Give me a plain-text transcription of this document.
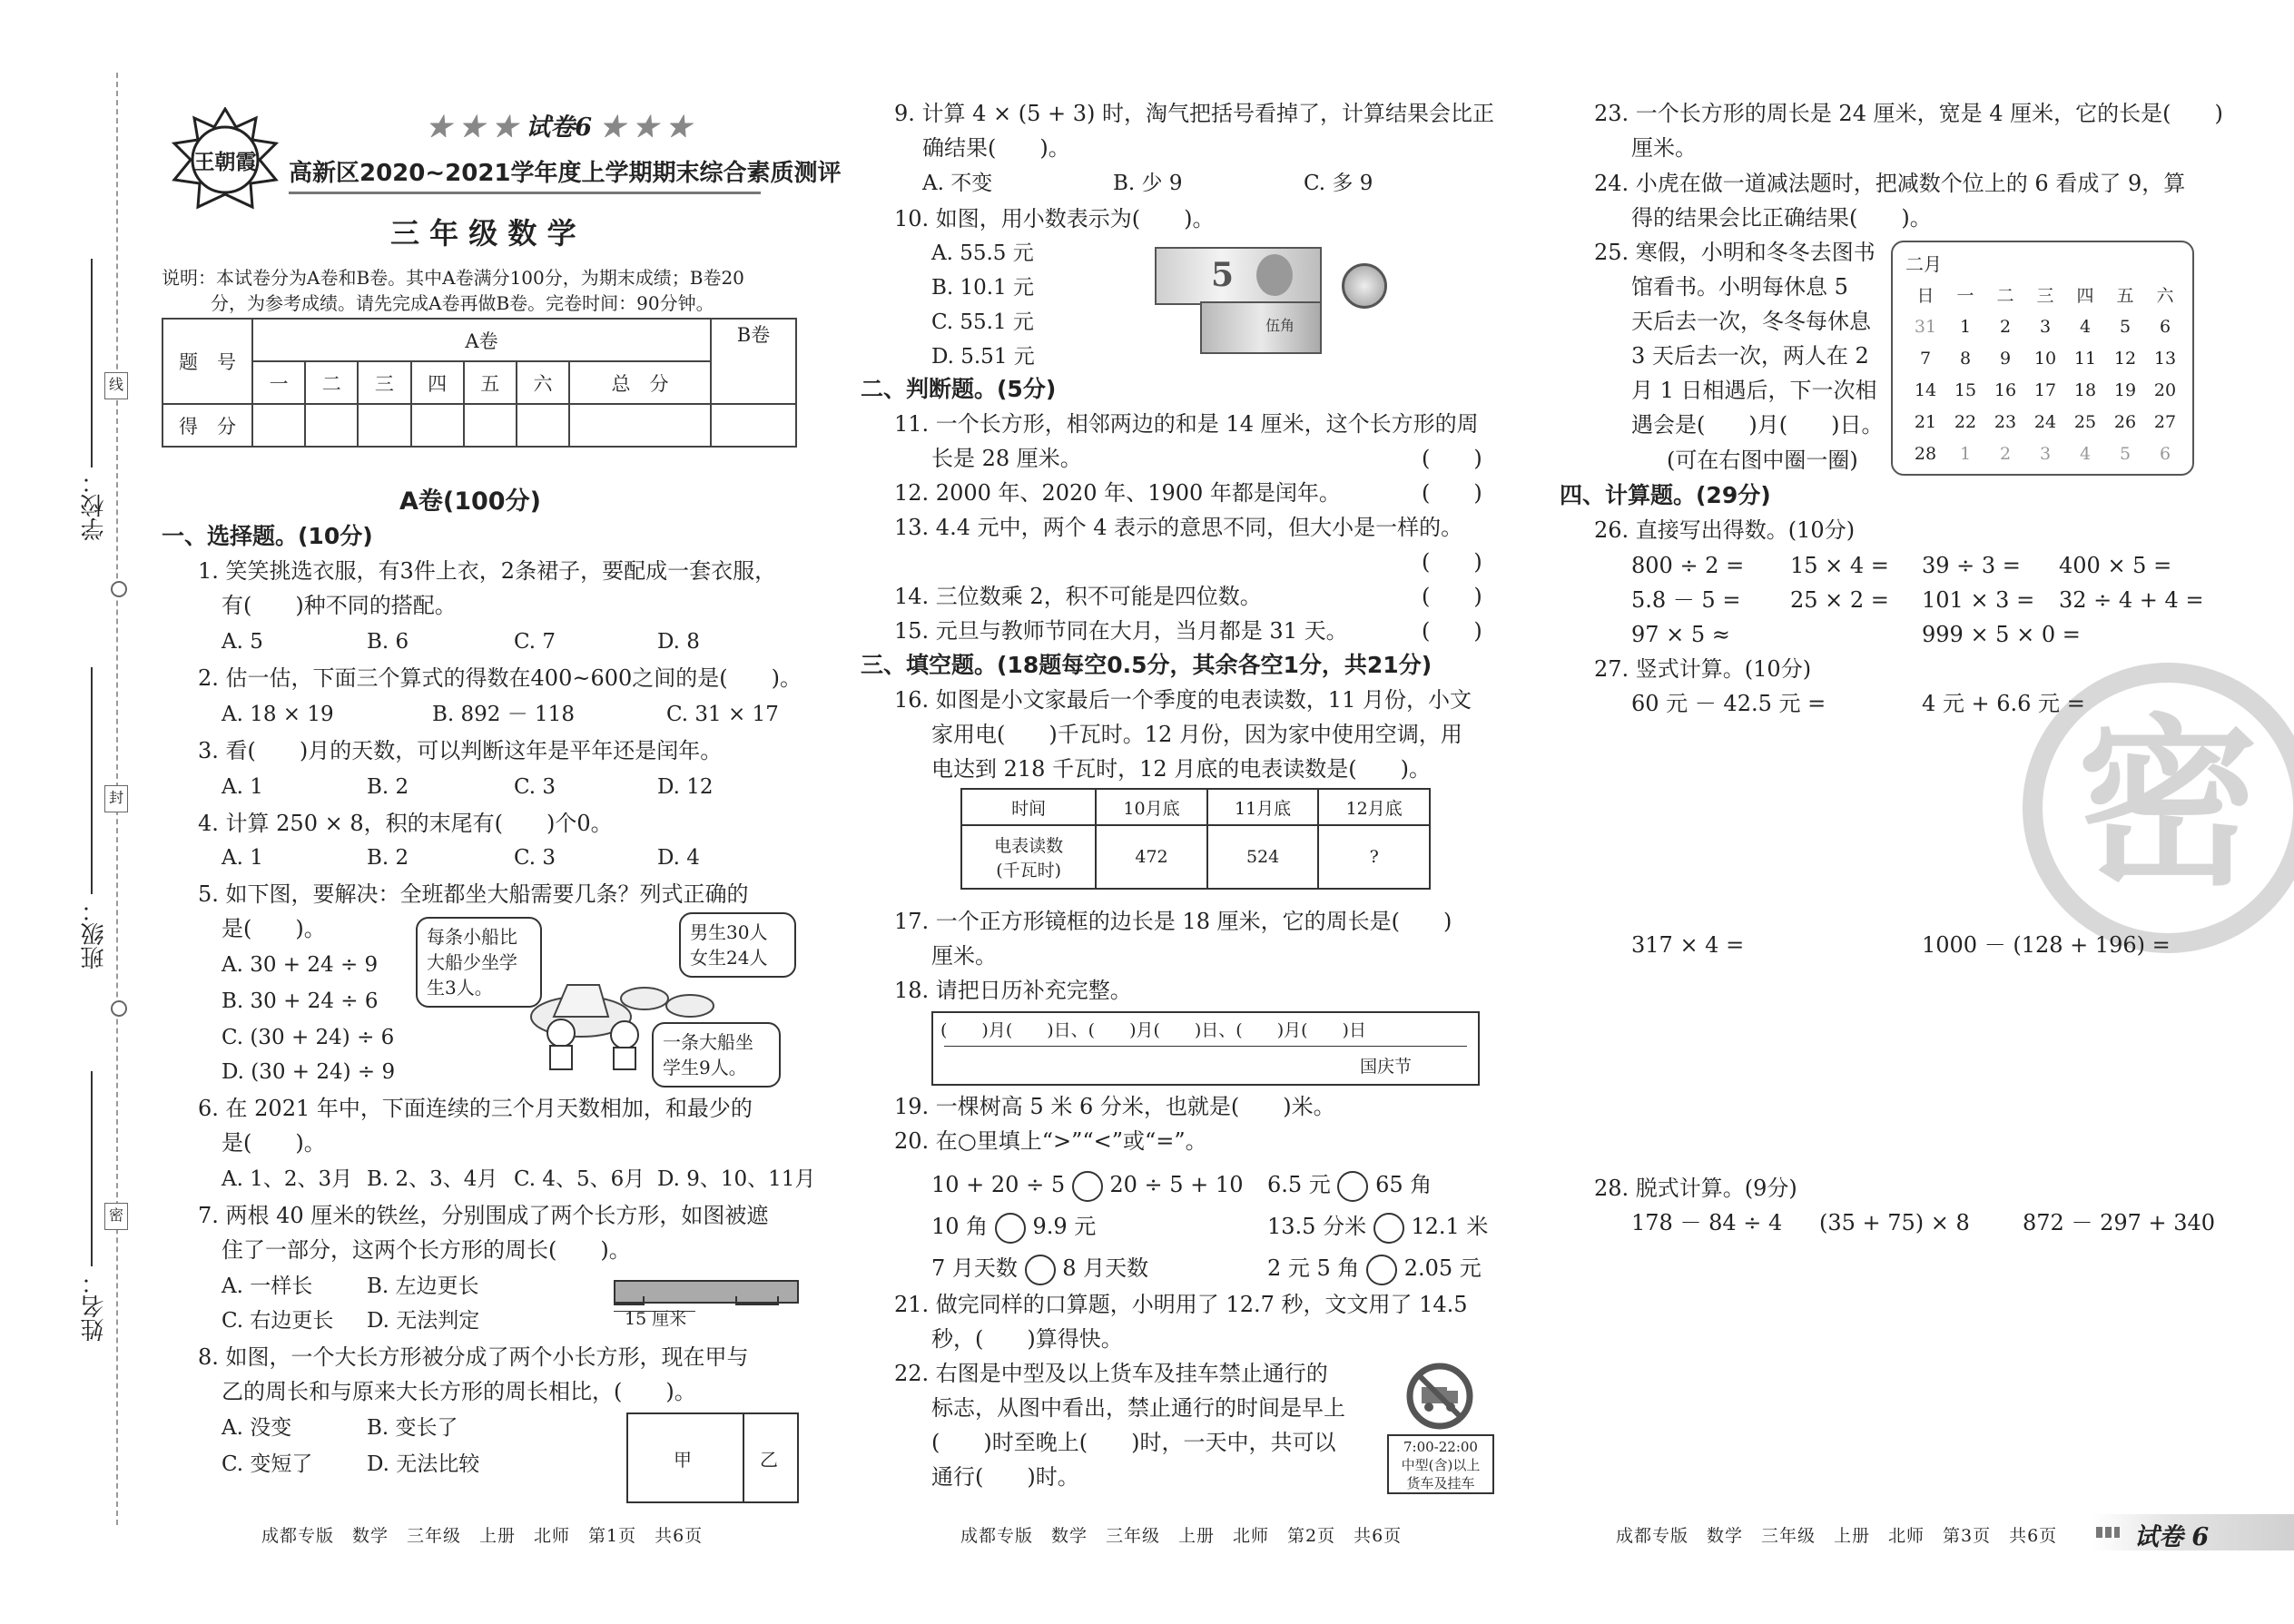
学校：
班级：
姓名：
线
封
密
密
王朝霞
★ ★ ★ 试卷6 ★ ★ ★
高新区2020~2021学年度上学期期末综合素质测评
三 年 级 数 学
说明：本试卷分为A卷和B卷。其中A卷满分100分，为期末成绩；B卷20
分，为参考成绩。请先完成A卷再做B卷。完卷时间：90分钟。
题　号	A卷							B卷
	一	二	三	四	五	六	总　分	
得　分								
A卷(100分)
一、选择题。(10分)
1. 笑笑挑选衣服，有3件上衣，2条裙子，要配成一套衣服，
有(　　)种不同的搭配。
A. 5	B. 6	C. 7	D. 8
2. 估一估，下面三个算式的得数在400~600之间的是(　　)。
A. 18 × 19	B. 892 － 118	C. 31 × 17
3. 看(　　)月的天数，可以判断这年是平年还是闰年。
A. 1	B. 2	C. 3	D. 12
4. 计算 250 × 8，积的末尾有(　　)个0。
A. 1	B. 2	C. 3	D. 4
5. 如下图，要解决：全班都坐大船需要几条？列式正确的
是(　　)。
A. 30 + 24 ÷ 9
B. 30 + 24 ÷ 6
C. (30 + 24) ÷ 6
D. (30 + 24) ÷ 9
每条小船比
大船少坐学
生3人。
男生30人
女生24人
一条大船坐
学生9人。
6. 在 2021 年中，下面连续的三个月天数相加，和最少的
是(　　)。
A. 1、2、3月 B. 2、3、4月 C. 4、5、6月 D. 9、10、11月
7. 两根 40 厘米的铁丝，分别围成了两个长方形，如图被遮
住了一部分，这两个长方形的周长(　　)。
A. 一样长	B. 左边更长
C. 右边更长 D. 无法判定	15 厘米
8. 如图，一个大长方形被分成了两个小长方形，现在甲与
乙的周长和与原来大长方形的周长相比，(　　)。
A. 没变	B. 变长了
C. 变短了	D. 无法比较	甲	乙
成都专版　数学　三年级　上册　北师　第1页　共6页
9. 计算 4 × (5 + 3) 时，淘气把括号看掉了，计算结果会比正
确结果(　　)。
A. 不变	B. 少 9	C. 多 9
10. 如图，用小数表示为(　　)。
A. 55.5 元
B. 10.1 元
C. 55.1 元
D. 5.51 元
5
伍角
二、判断题。(5分)
11. 一个长方形，相邻两边的和是 14 厘米，这个长方形的周
长是 28 厘米。	(　　)
12. 2000 年、2020 年、1900 年都是闰年。	(　　)
13. 4.4 元中，两个 4 表示的意思不同，但大小是一样的。
(　　)
14. 三位数乘 2，积不可能是四位数。	(　　)
15. 元旦与教师节同在大月，当月都是 31 天。	(　　)
三、填空题。(18题每空0.5分，其余各空1分，共21分)
16. 如图是小文家最后一个季度的电表读数，11 月份，小文
家用电(　　)千瓦时。12 月份，因为家中使用空调，用
电达到 218 千瓦时，12 月底的电表读数是(　　)。
时间	10月底	11月底	12月底

电表读数
(千瓦时)	472	524	?
17. 一个正方形镜框的边长是 18 厘米，它的周长是(　　)
厘米。
18. 请把日历补充完整。
(　　)月(　　)日、(　　)月(　　)日、(　　)月(　　)日
国庆节
19. 一棵树高 5 米 6 分米，也就是(　　)米。
20. 在○里填上“>”“<”或“=”。
10 + 20 ÷ 5 20 ÷ 5 + 10 6.5 元 65 角
10 角 9.9 元	13.5 分米 12.1 米
7 月天数 8 月天数	2 元 5 角 2.05 元
21. 做完同样的口算题，小明用了 12.7 秒，文文用了 14.5
秒，(　　)算得快。
22. 右图是中型及以上货车及挂车禁止通行的
标志，从图中看出，禁止通行的时间是早上
(　　)时至晚上(　　)时，一天中，共可以
通行(　　)时。
7:00-22:00
中型(含)以上
货车及挂车
成都专版　数学　三年级　上册　北师　第2页　共6页
23. 一个长方形的周长是 24 厘米，宽是 4 厘米，它的长是(　　)
厘米。
24. 小虎在做一道减法题时，把减数个位上的 6 看成了 9，算
得的结果会比正确结果(　　)。
25. 寒假，小明和冬冬去图书
馆看书。小明每休息 5
天后去一次，冬冬每休息
3 天后去一次，两人在 2
月 1 日相遇后，下一次相
遇会是(　　)月(　　)日。
(可在右图中圈一圈)
二月
日	一	二	三	四	五	六
31	1	2	3	4	5	6
7	8	9	10	11	12	13
14	15	16	17	18	19	20
21	22	23	24	25	26	27
28	1	2	3	4	5	6
四、计算题。(29分)
26. 直接写出得数。(10分)
800 ÷ 2 = 15 × 4 = 39 ÷ 3 = 400 × 5 =
5.8 － 5 = 25 × 2 = 101 × 3 = 32 ÷ 4 + 4 =
97 × 5 ≈	999 × 5 × 0 =
27. 竖式计算。(10分)
60 元 － 42.5 元 =	4 元 + 6.6 元 =
317 × 4 =	1000 － (128 + 196) =
28. 脱式计算。(9分)
178 － 84 ÷ 4 (35 + 75) × 8 872 － 297 + 340
成都专版　数学　三年级　上册　北师　第3页　共6页	试卷 6
